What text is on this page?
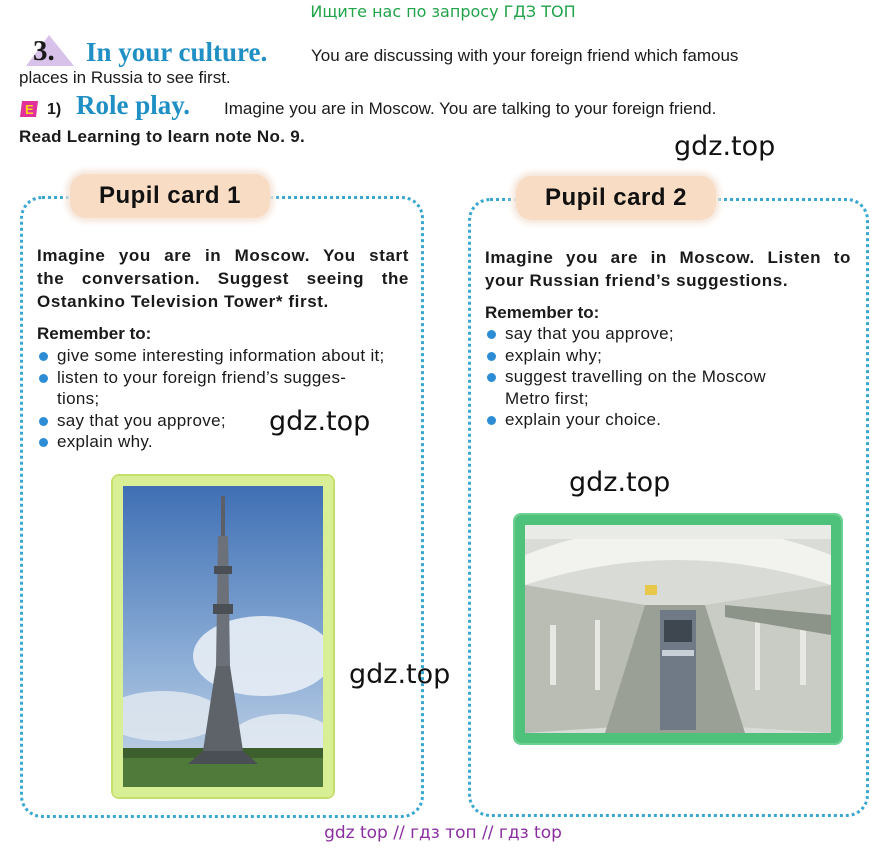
Ищите нас по запросу ГДЗ ТОП
3. In your culture.	You are discussing with your foreign friend which famous
places in Russia to see first.
E 1) Role play. Imagine you are in Moscow. You are talking to your foreign friend.
Read Learning to learn note No. 9.	gdz.top
gdz.top
gdz.top
gdz.top
Pupil card 1
Imagine you are in Moscow. You start
the conversation. Suggest seeing the
Ostankino Television Tower* first.
Remember to:
give some interesting information about it;
listen to your foreign friend’s sugges-
tions;
say that you approve;
explain why.
Pupil card 2
Imagine you are in Moscow. Listen to
your Russian friend’s suggestions.
Remember to:
say that you approve;
explain why;
suggest travelling on the Moscow
Metro first;
explain your choice.
gdz top // гдз топ // гдз top
